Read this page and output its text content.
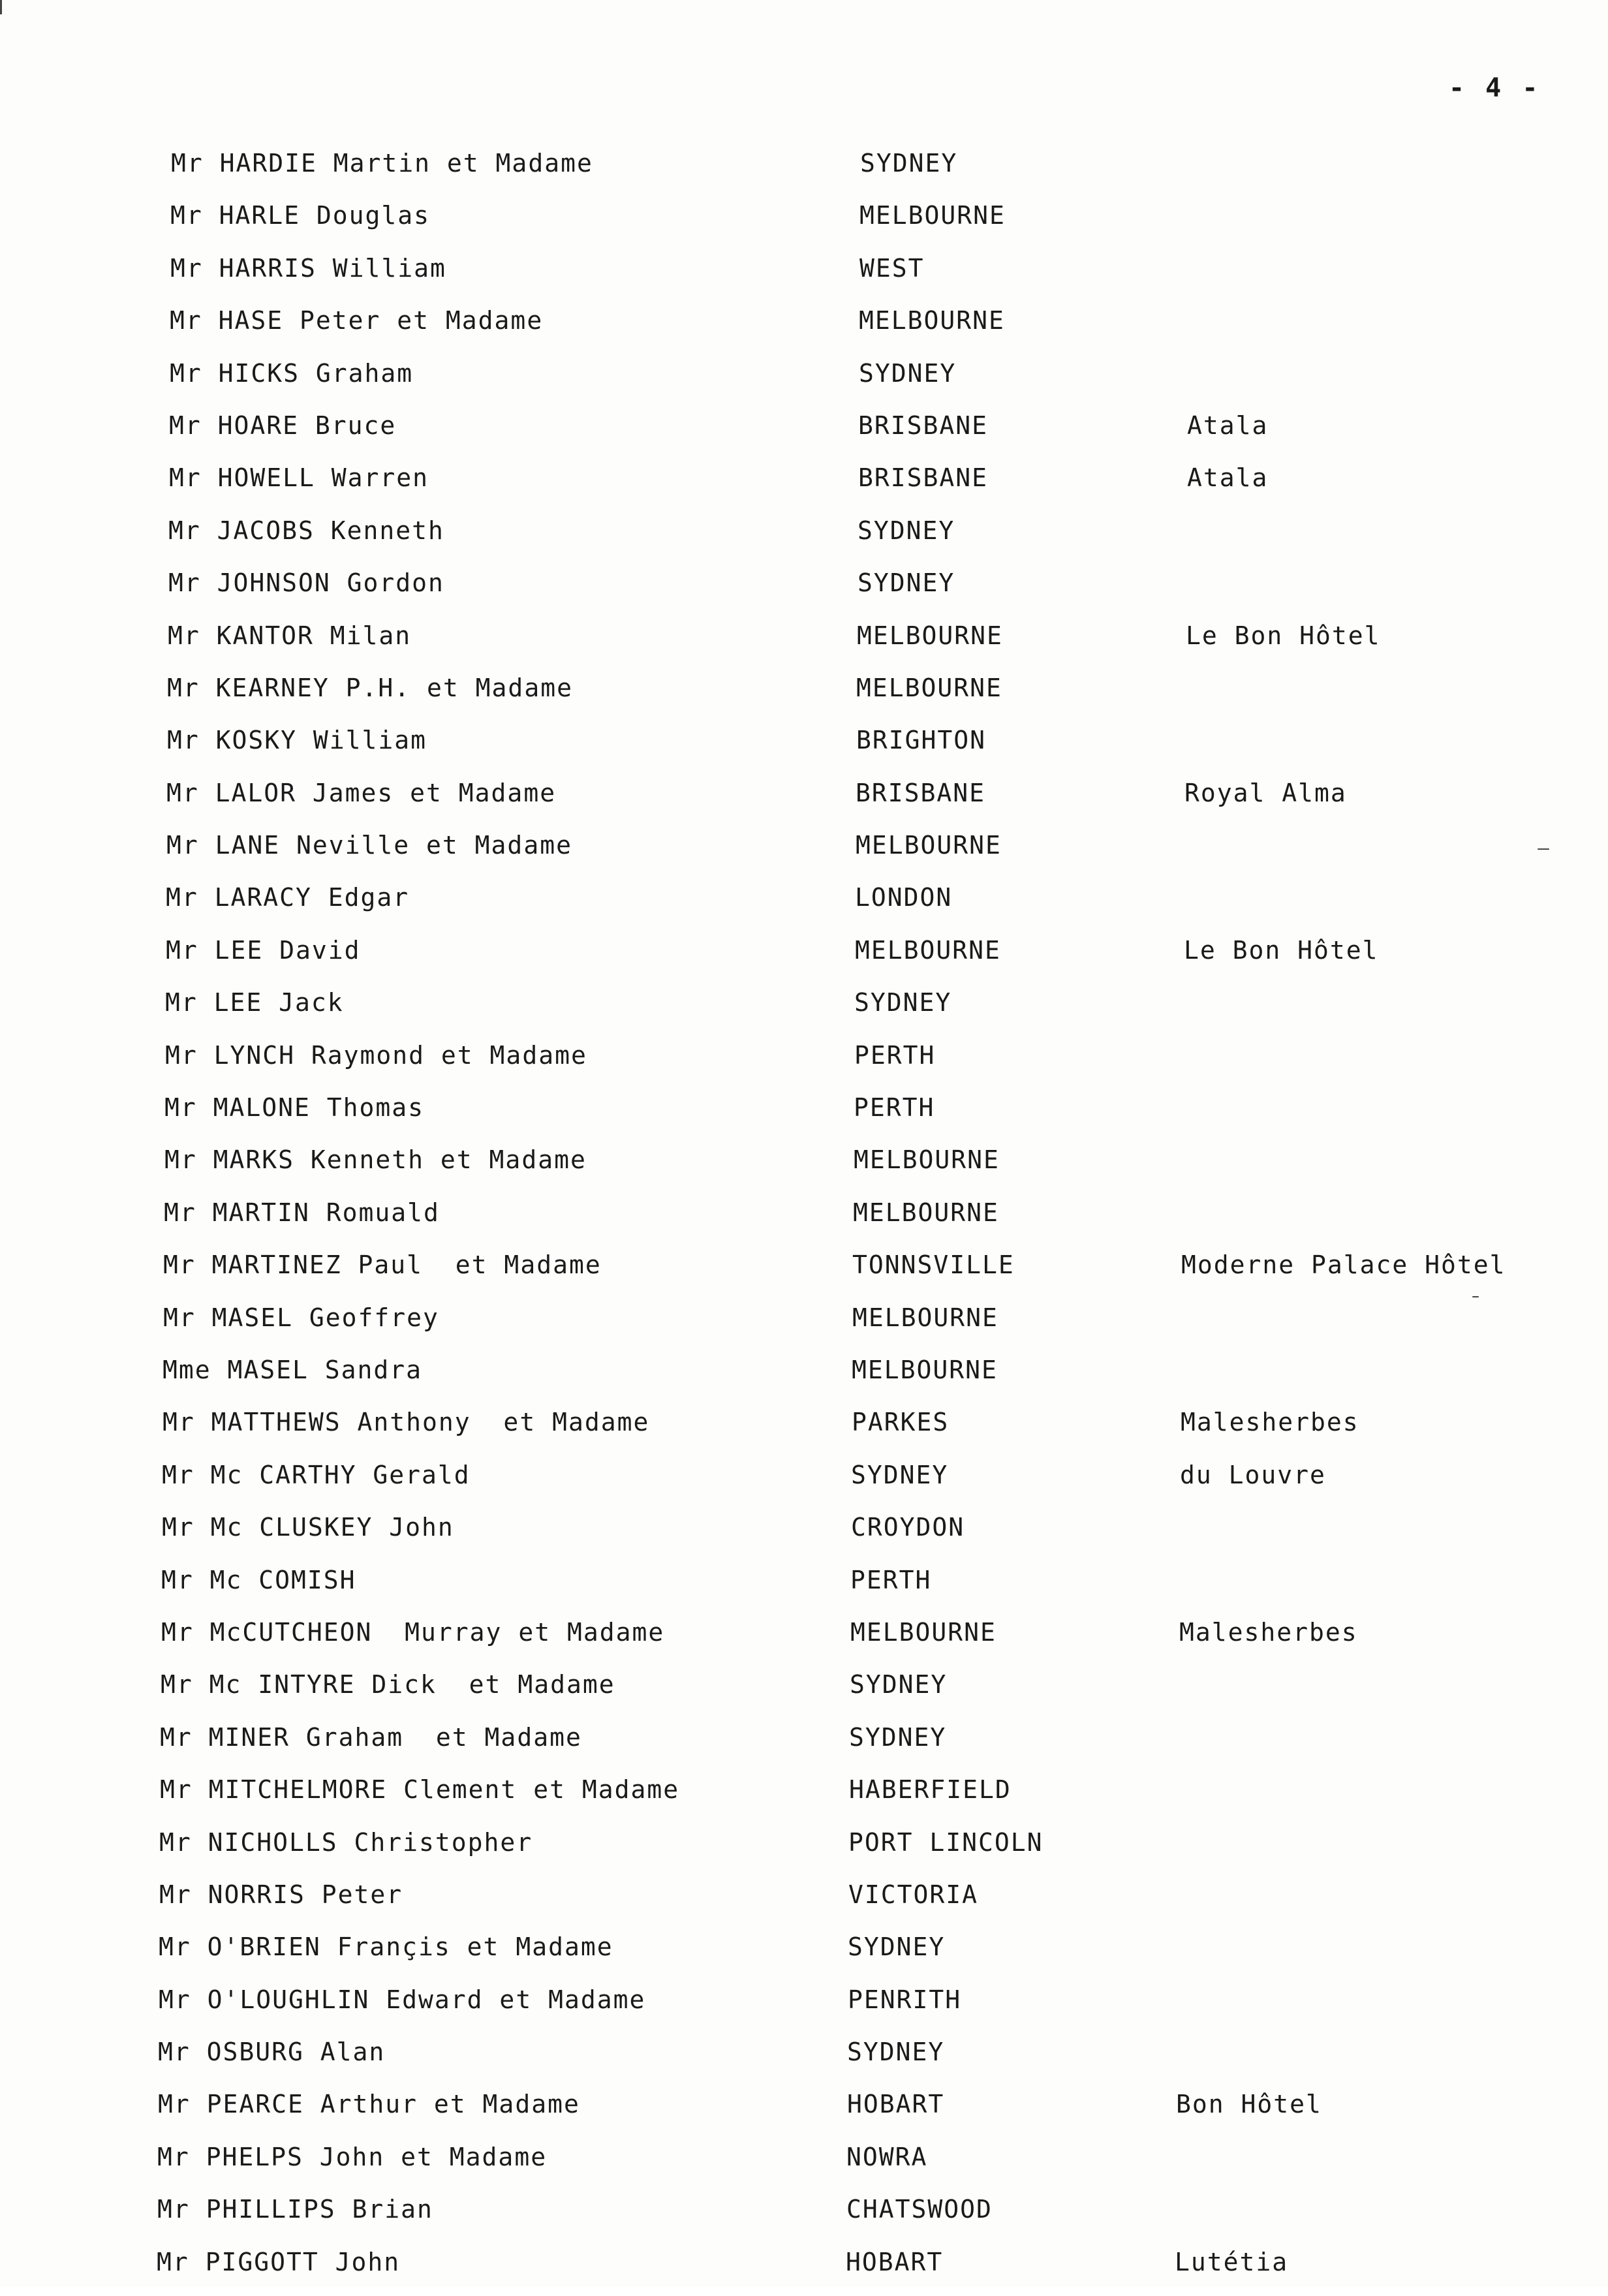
- 4 -
Mr HARDIE Martin et Madame	SYDNEY
Mr HARLE Douglas	MELBOURNE
Mr HARRIS William	WEST
Mr HASE Peter et Madame	MELBOURNE
Mr HICKS Graham	SYDNEY
Mr HOARE Bruce	BRISBANE	Atala
Mr HOWELL Warren	BRISBANE	Atala
Mr JACOBS Kenneth	SYDNEY
Mr JOHNSON Gordon	SYDNEY
Mr KANTOR Milan	MELBOURNE	Le Bon Hôtel
Mr KEARNEY P.H. et Madame	MELBOURNE
Mr KOSKY William	BRIGHTON
Mr LALOR James et Madame	BRISBANE	Royal Alma
Mr LANE Neville et Madame	MELBOURNE
Mr LARACY Edgar	LONDON
Mr LEE David	MELBOURNE	Le Bon Hôtel
Mr LEE Jack	SYDNEY
Mr LYNCH Raymond et Madame	PERTH
Mr MALONE Thomas	PERTH
Mr MARKS Kenneth et Madame	MELBOURNE
Mr MARTIN Romuald	MELBOURNE
Mr MARTINEZ Paul  et Madame	TONNSVILLE	Moderne Palace Hôtel
Mr MASEL Geoffrey	MELBOURNE
Mme MASEL Sandra	MELBOURNE
Mr MATTHEWS Anthony  et Madame	PARKES	Malesherbes
Mr Mc CARTHY Gerald	SYDNEY	du Louvre
Mr Mc CLUSKEY John	CROYDON
Mr Mc COMISH	PERTH
Mr McCUTCHEON  Murray et Madame	MELBOURNE	Malesherbes
Mr Mc INTYRE Dick  et Madame	SYDNEY
Mr MINER Graham  et Madame	SYDNEY
Mr MITCHELMORE Clement et Madame	HABERFIELD
Mr NICHOLLS Christopher	PORT LINCOLN
Mr NORRIS Peter	VICTORIA
Mr O'BRIEN Françis et Madame	SYDNEY
Mr O'LOUGHLIN Edward et Madame	PENRITH
Mr OSBURG Alan	SYDNEY
Mr PEARCE Arthur et Madame	HOBART	Bon Hôtel
Mr PHELPS John et Madame	NOWRA
Mr PHILLIPS Brian	CHATSWOOD
Mr PIGGOTT John	HOBART	Lutétia
